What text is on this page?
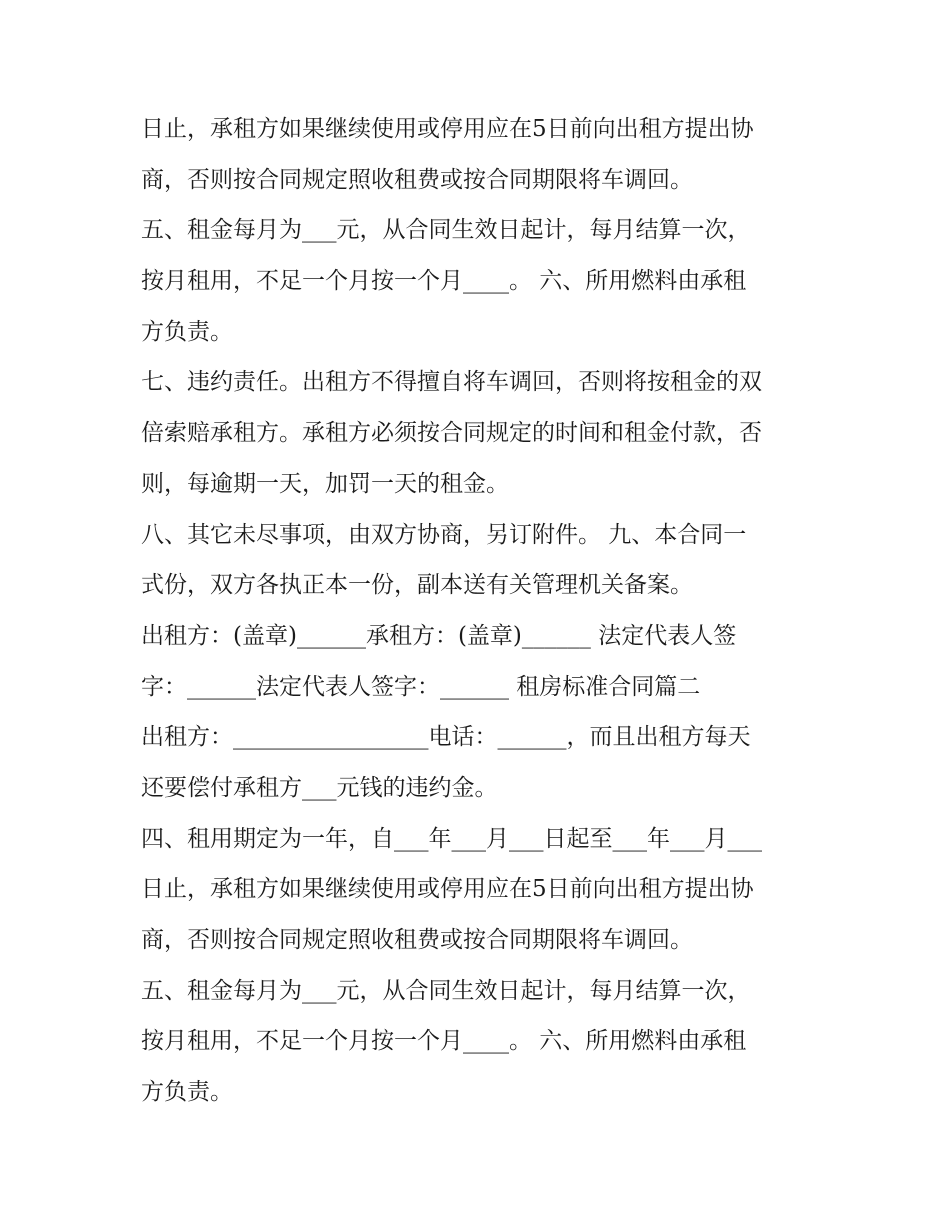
日止，承租方如果继续使用或停用应在5日前向出租方提出协
商，否则按合同规定照收租费或按合同期限将车调回。
五、租金每月为___元，从合同生效日起计，每月结算一次，
按月租用，不足一个月按一个月____。 六、所用燃料由承租
方负责。
七、违约责任。出租方不得擅自将车调回，否则将按租金的双
倍索赔承租方。承租方必须按合同规定的时间和租金付款，否
则，每逾期一天，加罚一天的租金。
八、其它未尽事项，由双方协商，另订附件。 九、本合同一
式份，双方各执正本一份，副本送有关管理机关备案。
出租方：(盖章)______承租方：(盖章)______ 法定代表人签
字：______法定代表人签字：______ 租房标准合同篇二
出租方：_________________电话：______，而且出租方每天
还要偿付承租方___元钱的违约金。
四、租用期定为一年，自___年___月___日起至___年___月___
日止，承租方如果继续使用或停用应在5日前向出租方提出协
商，否则按合同规定照收租费或按合同期限将车调回。
五、租金每月为___元，从合同生效日起计，每月结算一次，
按月租用，不足一个月按一个月____。 六、所用燃料由承租
方负责。
